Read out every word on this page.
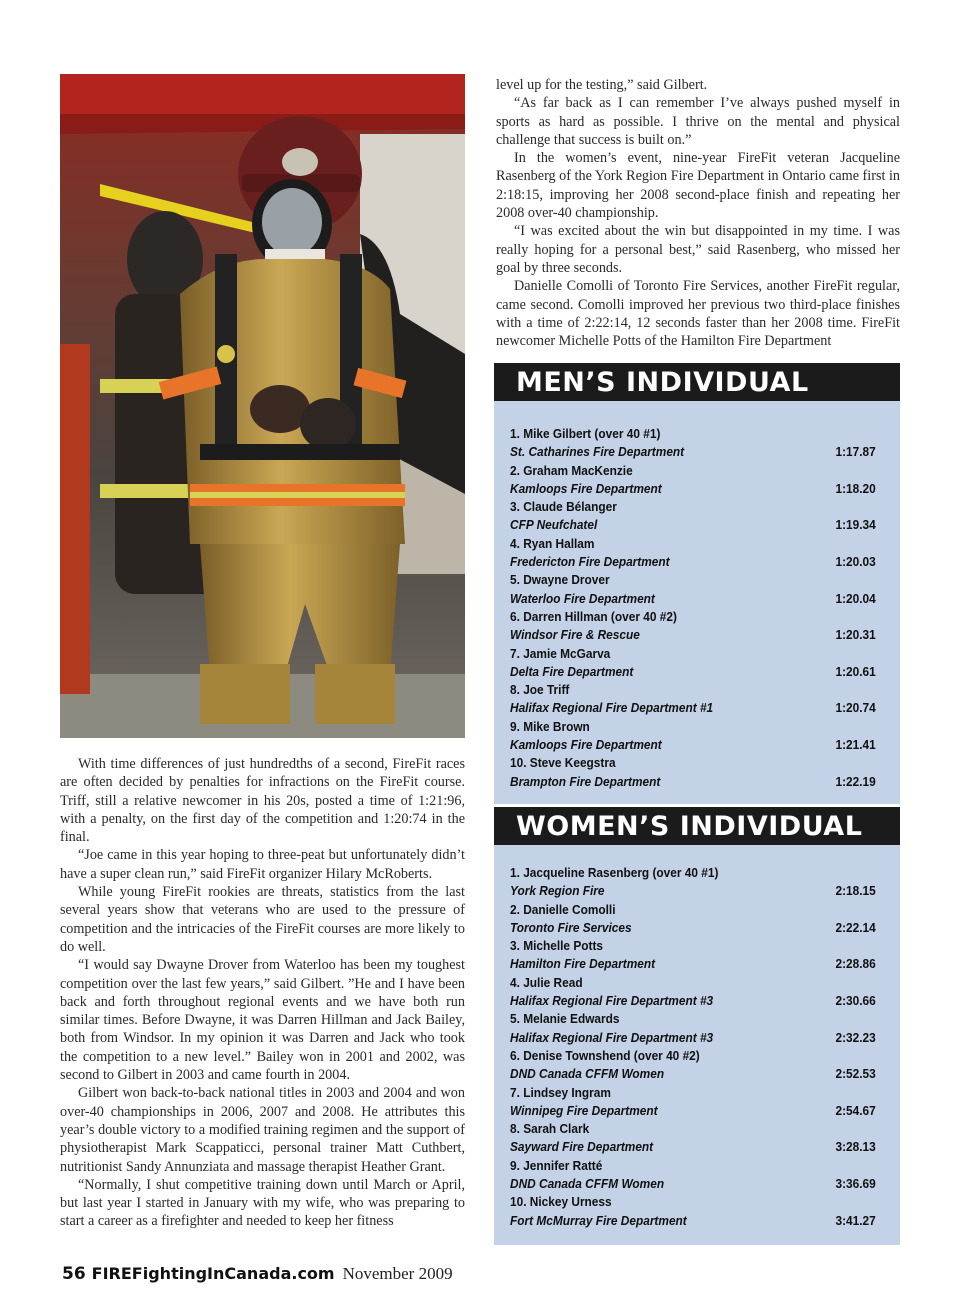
With time differences of just hundredths of a second, FireFit races are often decided by penalties for infractions on the FireFit course. Triff, still a relative newcomer in his 20s, posted a time of 1:21:96, with a penalty, on the first day of the competition and 1:20:74 in the final.

“Joe came in this year hoping to three-peat but unfortunately didn’t have a super clean run,” said FireFit organizer Hilary McRoberts.

While young FireFit rookies are threats, statistics from the last several years show that veterans who are used to the pressure of competition and the intricacies of the FireFit courses are more likely to do well.

“I would say Dwayne Drover from Waterloo has been my toughest competition over the last few years,” said Gilbert. ”He and I have been back and forth throughout regional events and we have both run similar times. Before Dwayne, it was Darren Hillman and Jack Bailey, both from Windsor. In my opinion it was Darren and Jack who took the competition to a new level.” Bailey won in 2001 and 2002, was second to Gilbert in 2003 and came fourth in 2004.

Gilbert won back-to-back national titles in 2003 and 2004 and won over-40 championships in 2006, 2007 and 2008. He attributes this year’s double victory to a modified training regimen and the support of physiotherapist Mark Scappaticci, personal trainer Matt Cuthbert, nutritionist Sandy Annunziata and massage therapist Heather Grant.

“Normally, I shut competitive training down until March or April, but last year I started in January with my wife, who was preparing to start a career as a firefighter and needed to keep her fitness

level up for the testing,” said Gilbert.

“As far back as I can remember I’ve always pushed myself in sports as hard as possible. I thrive on the mental and physical challenge that success is built on.”

In the women’s event, nine-year FireFit veteran Jacqueline Rasenberg of the York Region Fire Department in Ontario came first in 2:18:15, improving her 2008 second-place finish and repeating her 2008 over-40 championship.

“I was excited about the win but disappointed in my time. I was really hoping for a personal best,” said Rasenberg, who missed her goal by three seconds.

Danielle Comolli of Toronto Fire Services, another FireFit regular, came second. Comolli improved her previous two third-place finishes with a time of 2:22:14, 12 seconds faster than her 2008 time. FireFit newcomer Michelle Potts of the Hamilton Fire Department

MEN’S INDIVIDUAL
1. Mike Gilbert (over 40 #1)
St. Catharines Fire Department	1:17.87
2. Graham MacKenzie
Kamloops Fire Department	1:18.20
3. Claude Bélanger
CFP Neufchatel	1:19.34
4. Ryan Hallam
Fredericton Fire Department	1:20.03
5. Dwayne Drover
Waterloo Fire Department	1:20.04
6. Darren Hillman (over 40 #2)
Windsor Fire & Rescue	1:20.31
7. Jamie McGarva
Delta Fire Department	1:20.61
8. Joe Triff
Halifax Regional Fire Department #1	1:20.74
9. Mike Brown
Kamloops Fire Department	1:21.41
10. Steve Keegstra
Brampton Fire Department	1:22.19
WOMEN’S INDIVIDUAL
1. Jacqueline Rasenberg (over 40 #1)
York Region Fire	2:18.15
2. Danielle Comolli
Toronto Fire Services	2:22.14
3. Michelle Potts
Hamilton Fire Department	2:28.86
4. Julie Read
Halifax Regional Fire Department #3	2:30.66
5. Melanie Edwards
Halifax Regional Fire Department #3	2:32.23
6. Denise Townshend (over 40 #2)
DND Canada CFFM Women	2:52.53
7. Lindsey Ingram
Winnipeg Fire Department	2:54.67
8. Sarah Clark
Sayward Fire Department	3:28.13
9. Jennifer Ratté
DND Canada CFFM Women	3:36.69
10. Nickey Urness
Fort McMurray Fire Department	3:41.27
56 FIREFightingInCanada.com November 2009
